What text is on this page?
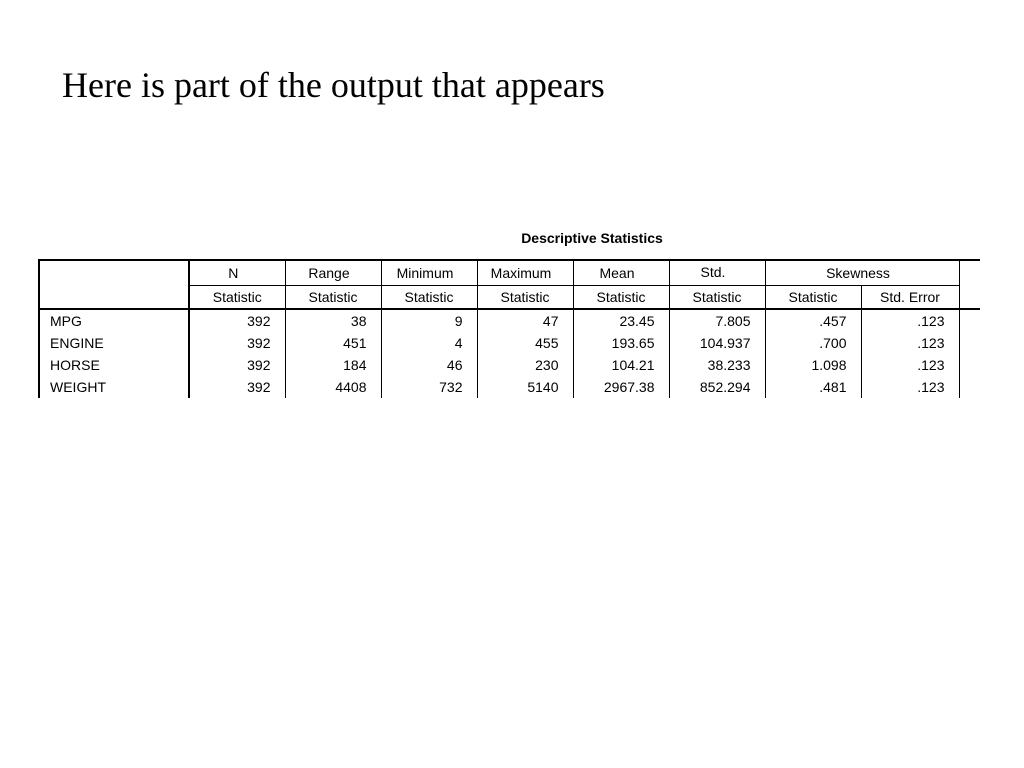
Here is part of the output that appears
Descriptive Statistics
	N	Range	Minimum	Maximum	Mean	Std.	Skewness		
	Statistic	Statistic	Statistic	Statistic	Statistic	Statistic	Statistic	Std. Error	
MPG	392	38	9	47	23.45	7.805	.457	.123	
ENGINE	392	451	4	455	193.65	104.937	.700	.123	
HORSE	392	184	46	230	104.21	38.233	1.098	.123	
WEIGHT	392	4408	732	5140	2967.38	852.294	.481	.123	
